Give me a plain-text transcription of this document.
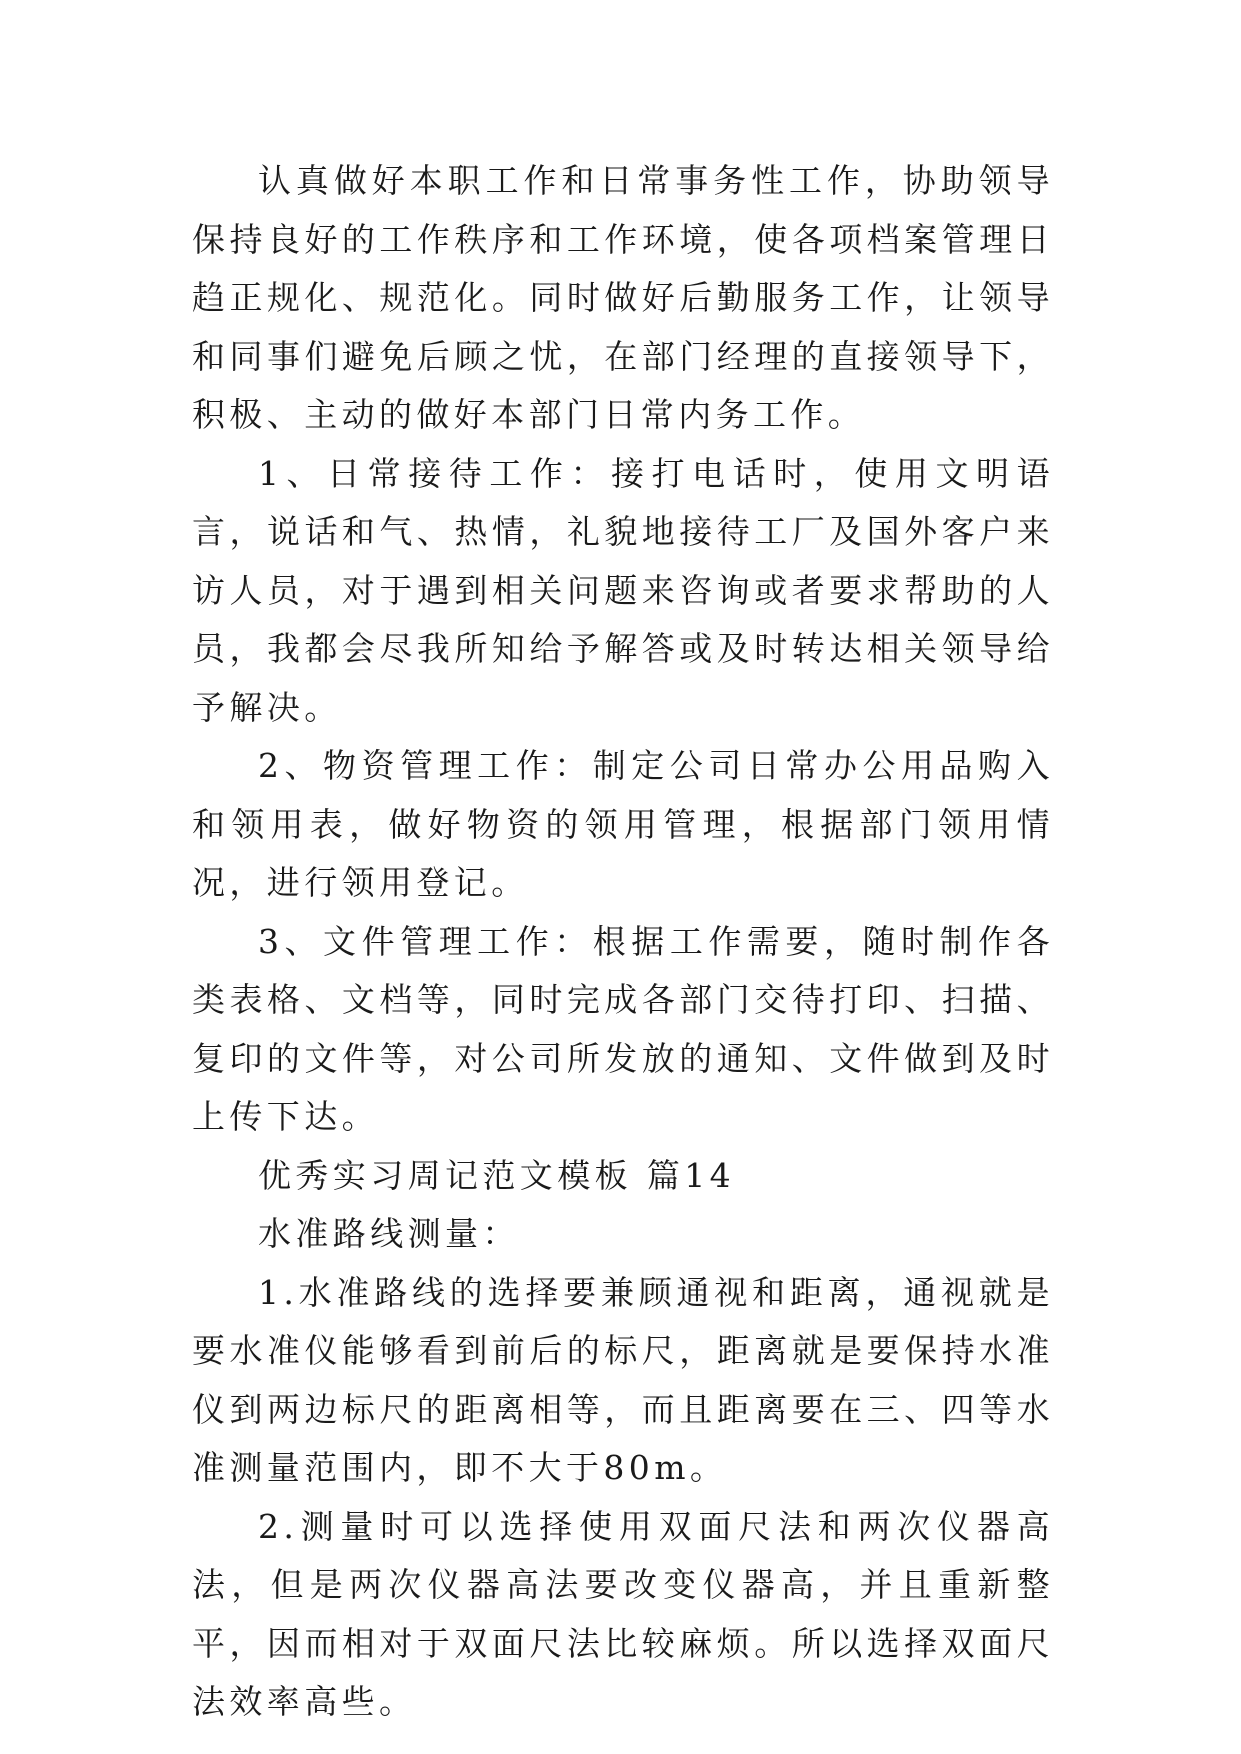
认真做好本职工作和日常事务性工作，协助领导保持良好的工作秩序和工作环境，使各项档案管理日趋正规化、规范化。同时做好后勤服务工作，让领导和同事们避免后顾之忧，在部门经理的直接领导下，积极、主动的做好本部门日常内务工作。

1、日常接待工作：接打电话时，使用文明语言，说话和气、热情，礼貌地接待工厂及国外客户来访人员，对于遇到相关问题来咨询或者要求帮助的人员，我都会尽我所知给予解答或及时转达相关领导给予解决。

2、物资管理工作：制定公司日常办公用品购入和领用表，做好物资的领用管理，根据部门领用情况，进行领用登记。

3、文件管理工作：根据工作需要，随时制作各类表格、文档等，同时完成各部门交待打印、扫描、复印的文件等，对公司所发放的通知、文件做到及时上传下达。

优秀实习周记范文模板 篇14

水准路线测量：

1.水准路线的选择要兼顾通视和距离，通视就是要水准仪能够看到前后的标尺，距离就是要保持水准仪到两边标尺的距离相等，而且距离要在三、四等水准测量范围内，即不大于80m。

2.测量时可以选择使用双面尺法和两次仪器高法，但是两次仪器高法要改变仪器高，并且重新整平，因而相对于双面尺法比较麻烦。所以选择双面尺法效率高些。
